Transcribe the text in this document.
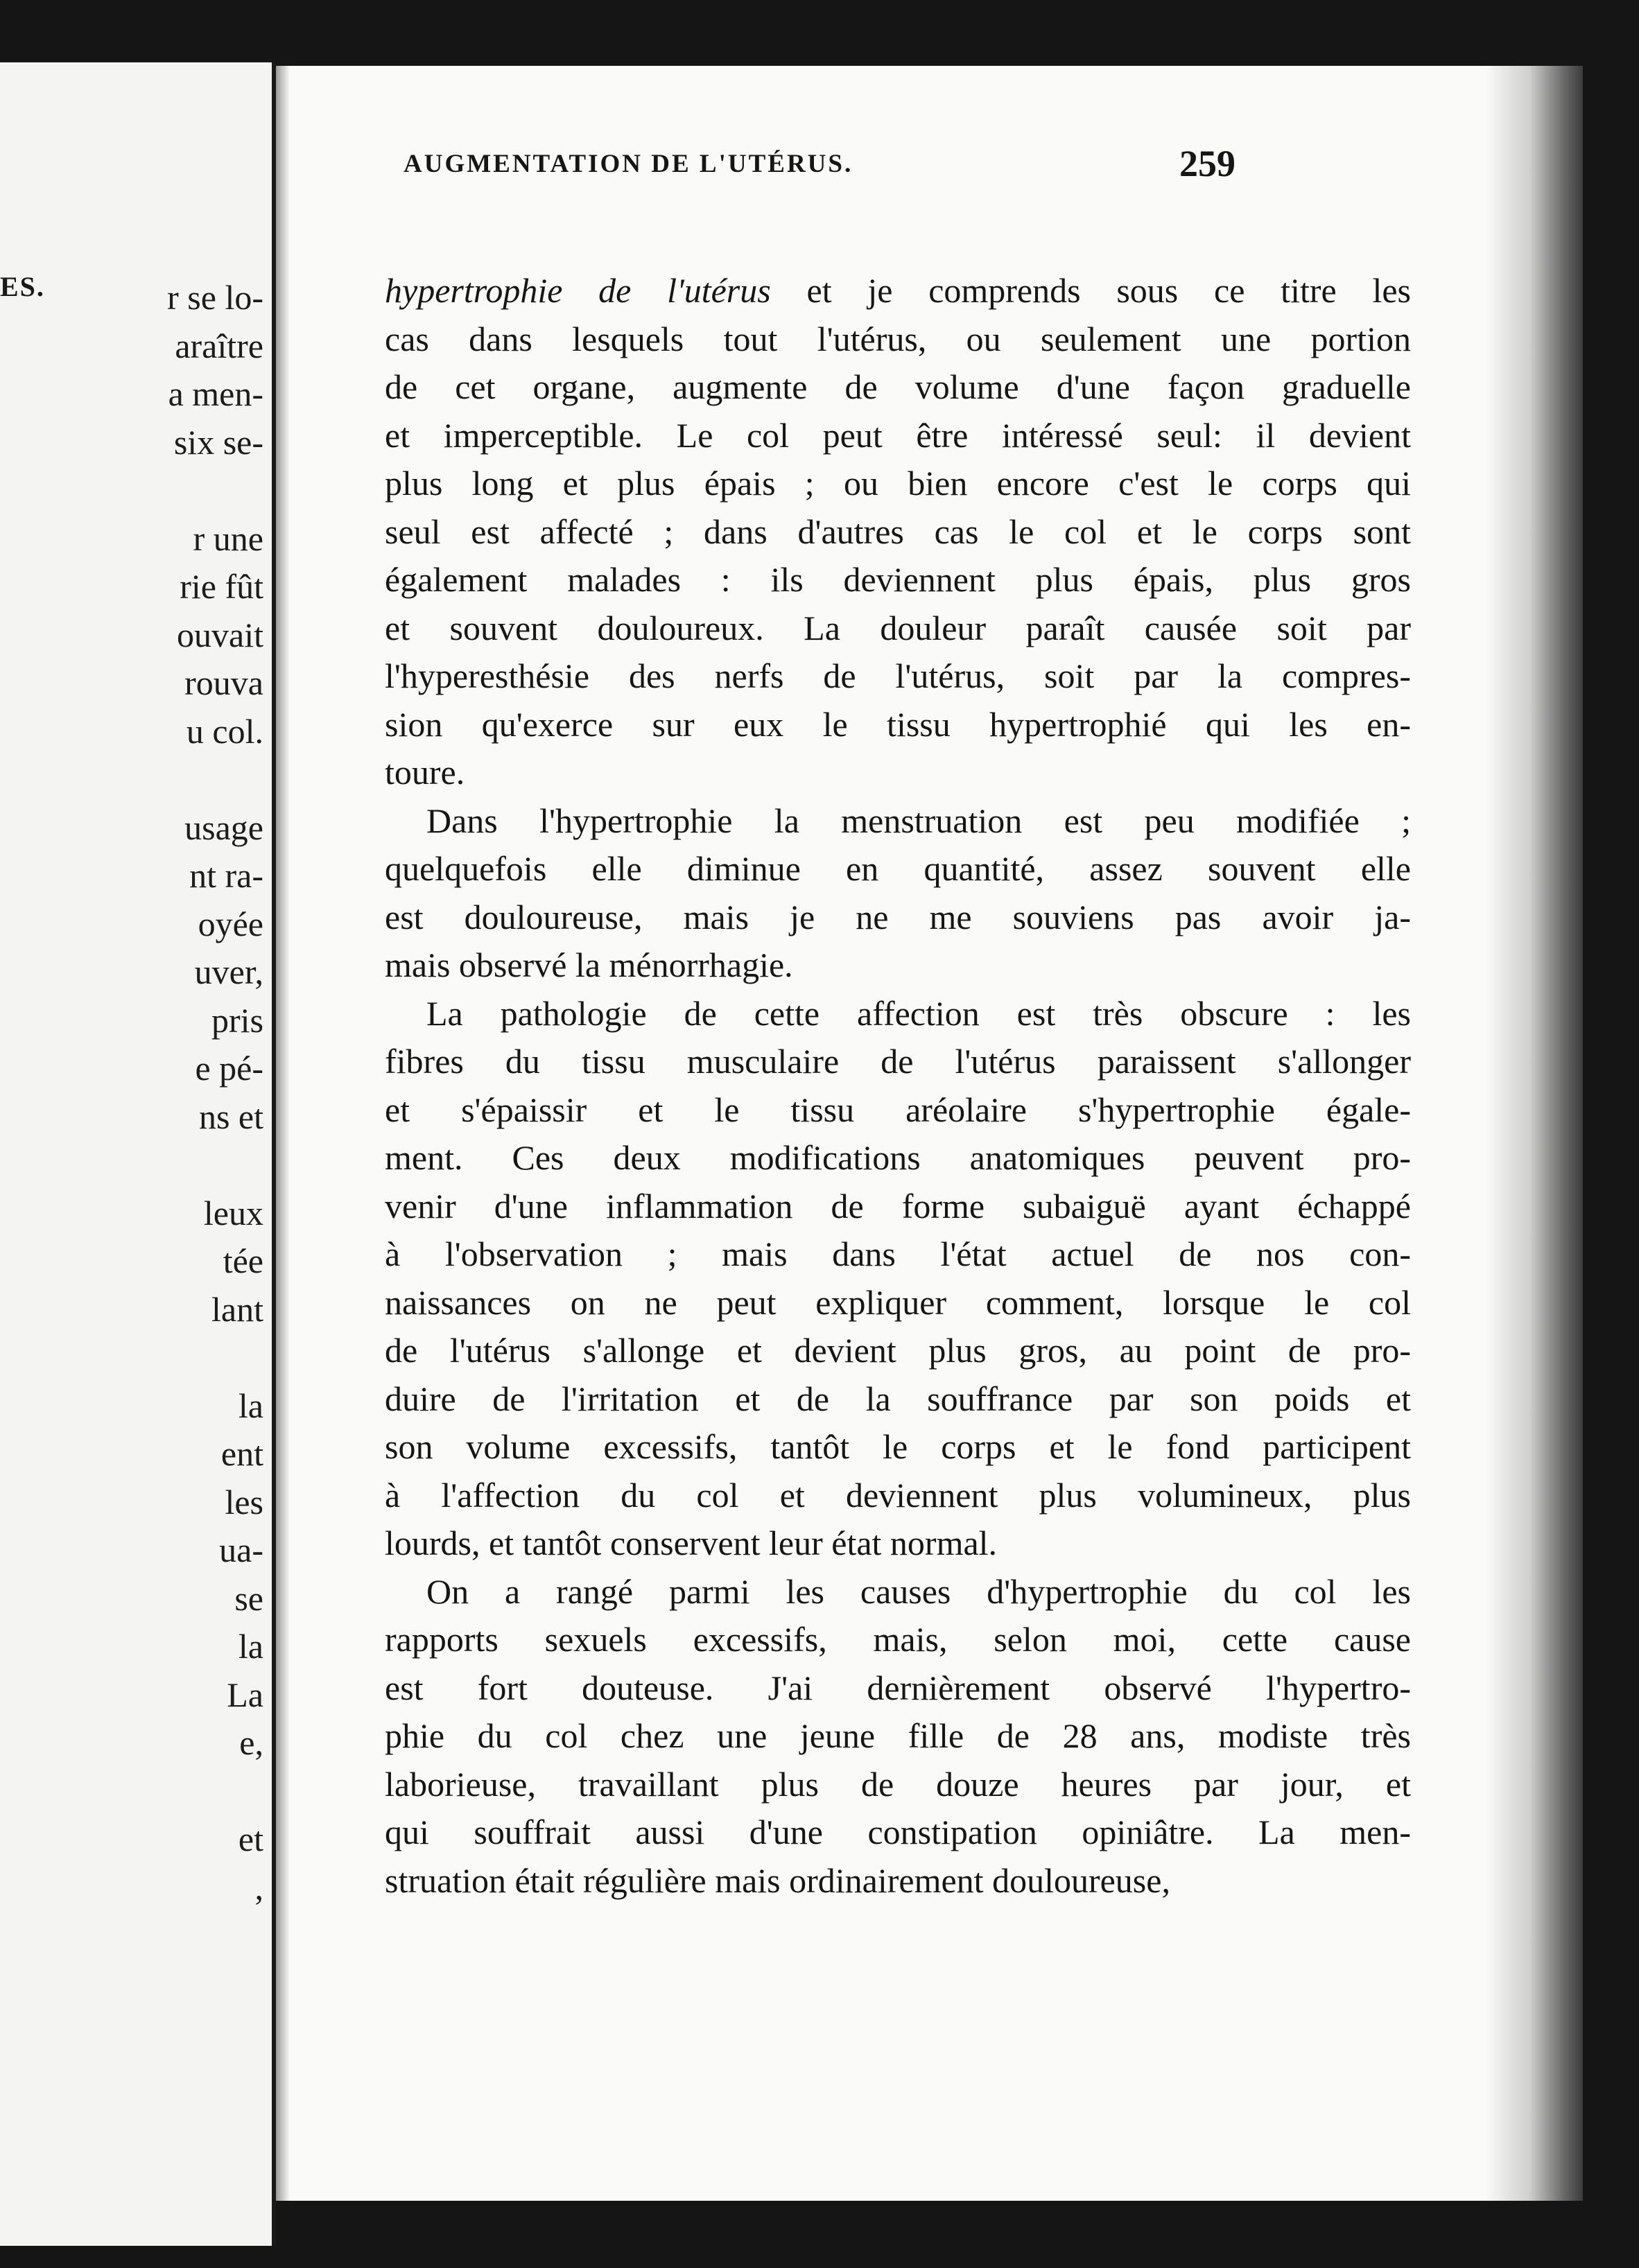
ES.	r se lo-
araître
a men-
six se-
r une
rie fût
ouvait
rouva
u col.
usage
nt ra-
oyée
uver,
pris
e pé-
ns et
leux
tée
lant
la
ent
les
ua-
se
la
La
e,
et
,
AUGMENTATION DE L'UTÉRUS.	259
hypertrophie de l'utérus et je comprends sous ce titre les
cas dans lesquels tout l'utérus, ou seulement une portion
de cet organe, augmente de volume d'une façon graduelle
et imperceptible. Le col peut être intéressé seul: il devient
plus long et plus épais ; ou bien encore c'est le corps qui
seul est affecté ; dans d'autres cas le col et le corps sont
également malades : ils deviennent plus épais, plus gros
et souvent douloureux. La douleur paraît causée soit par
l'hyperesthésie des nerfs de l'utérus, soit par la compres-
sion qu'exerce sur eux le tissu hypertrophié qui les en-
toure.
Dans l'hypertrophie la menstruation est peu modifiée ;
quelquefois elle diminue en quantité, assez souvent elle
est douloureuse, mais je ne me souviens pas avoir ja-
mais observé la ménorrhagie.
La pathologie de cette affection est très obscure : les
fibres du tissu musculaire de l'utérus paraissent s'allonger
et s'épaissir et le tissu aréolaire s'hypertrophie égale-
ment. Ces deux modifications anatomiques peuvent pro-
venir d'une inflammation de forme subaiguë ayant échappé
à l'observation ; mais dans l'état actuel de nos con-
naissances on ne peut expliquer comment, lorsque le col
de l'utérus s'allonge et devient plus gros, au point de pro-
duire de l'irritation et de la souffrance par son poids et
son volume excessifs, tantôt le corps et le fond participent
à l'affection du col et deviennent plus volumineux, plus
lourds, et tantôt conservent leur état normal.
On a rangé parmi les causes d'hypertrophie du col les
rapports sexuels excessifs, mais, selon moi, cette cause
est fort douteuse. J'ai dernièrement observé l'hypertro-
phie du col chez une jeune fille de 28 ans, modiste très
laborieuse, travaillant plus de douze heures par jour, et
qui souffrait aussi d'une constipation opiniâtre. La men-
struation était régulière mais ordinairement douloureuse,
